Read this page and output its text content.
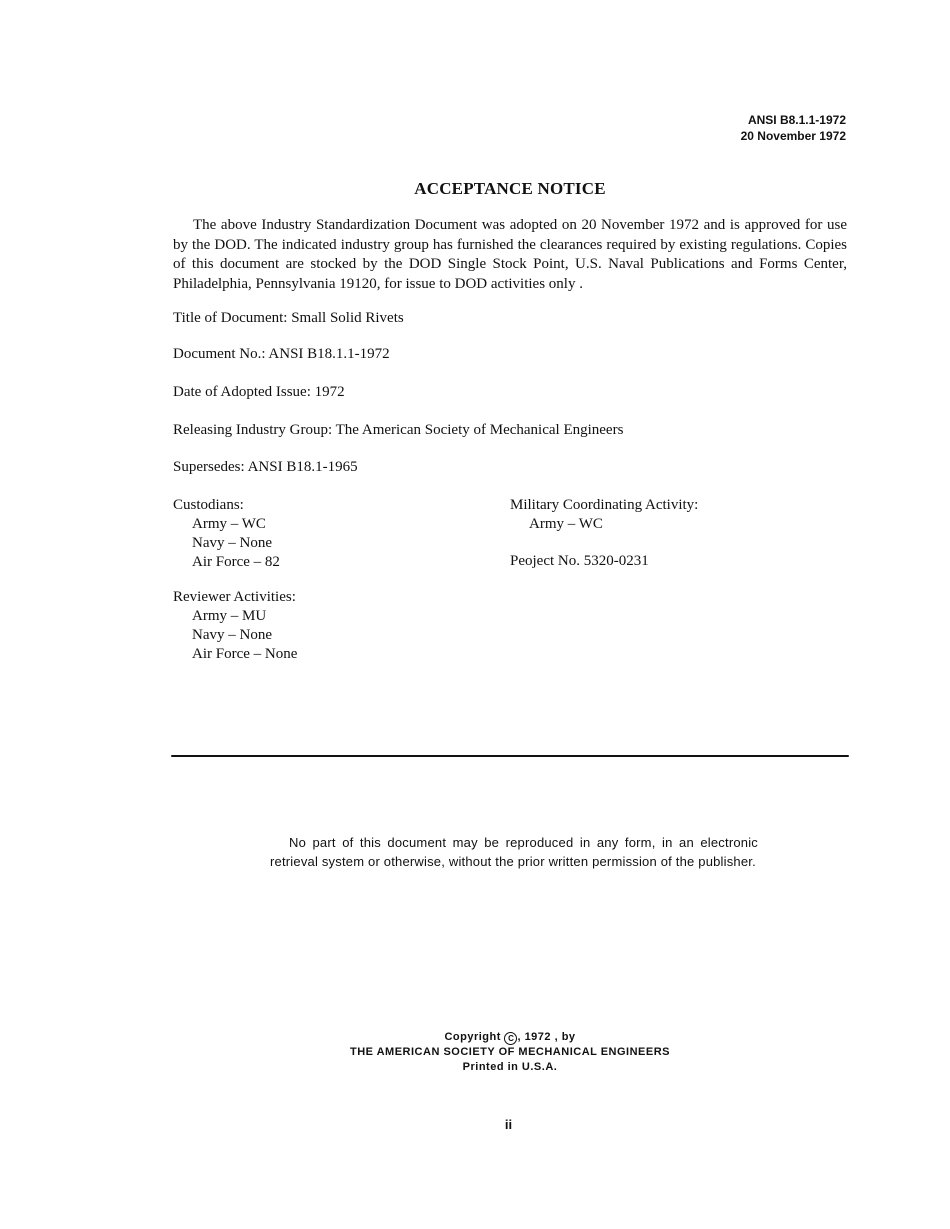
ANSI B8.1.1-1972
20 November 1972
ACCEPTANCE NOTICE

The above Industry Standardization Document was adopted on 20 November 1972 and is approved for use by the DOD. The indicated industry group has furnished the clearances required by existing regulations. Copies of this document are stocked by the DOD Single Stock Point, U.S. Naval Publications and Forms Center, Philadelphia, Pennsylvania 19120, for issue to DOD activities only .

Title of Document: Small Solid Rivets

Document No.: ANSI B18.1.1-1972

Date of Adopted Issue: 1972

Releasing Industry Group: The American Society of Mechanical Engineers

Supersedes: ANSI B18.1-1965

Custodians:
Army – WC
Navy – None
Air Force – 82
Military Coordinating Activity:
Army – WC
Peoject No. 5320-0231
Reviewer Activities:
Army – MU
Navy – None
Air Force – None

No part of this document may be reproduced in any form, in an electronic retrieval system or otherwise, without the prior written permission of the publisher.

Copyright C , 1972 , by
THE AMERICAN SOCIETY OF MECHANICAL ENGINEERS
Printed in U.S.A.
ii
